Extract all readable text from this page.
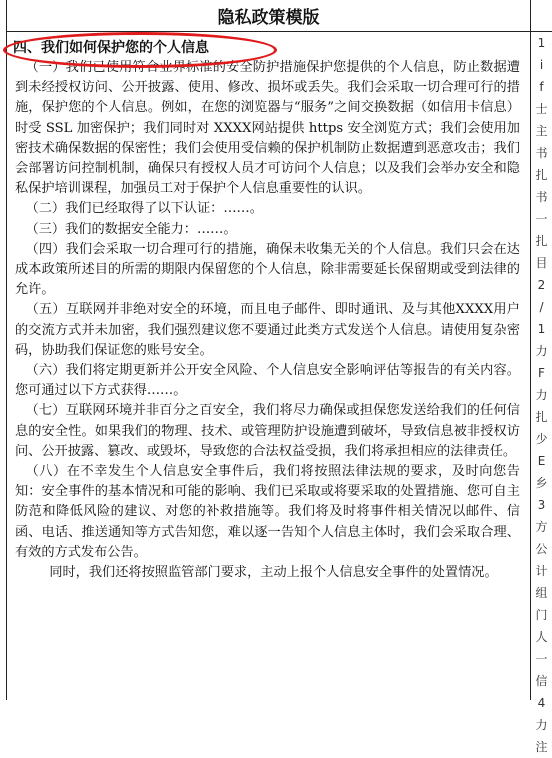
隐私政策模版
四、我们如何保护您的个人信息

（一）我们已使用符合业界标准的安全防护措施保护您提供的个人信息，防止数据遭到未经授权访问、公开披露、使用、修改、损坏或丢失。我们会采取一切合理可行的措施，保护您的个人信息。例如，在您的浏览器与“服务”之间交换数据（如信用卡信息）时受 SSL 加密保护；我们同时对 XXXX网站提供 https 安全浏览方式；我们会使用加密技术确保数据的保密性；我们会使用受信赖的保护机制防止数据遭到恶意攻击；我们会部署访问控制机制，确保只有授权人员才可访问个人信息；以及我们会举办安全和隐私保护培训课程，加强员工对于保护个人信息重要性的认识。

（二）我们已经取得了以下认证：……。

（三）我们的数据安全能力：……。

（四）我们会采取一切合理可行的措施，确保未收集无关的个人信息。我们只会在达成本政策所述目的所需的期限内保留您的个人信息，除非需要延长保留期或受到法律的允许。

（五）互联网并非绝对安全的环境，而且电子邮件、即时通讯、及与其他XXXX用户的交流方式并未加密，我们强烈建议您不要通过此类方式发送个人信息。请使用复杂密码，协助我们保证您的账号安全。

（六）我们将定期更新并公开安全风险、个人信息安全影响评估等报告的有关内容。您可通过以下方式获得……。

（七）互联网环境并非百分之百安全，我们将尽力确保或担保您发送给我们的任何信息的安全性。如果我们的物理、技术、或管理防护设施遭到破坏，导致信息被非授权访问、公开披露、篡改、或毁坏，导致您的合法权益受损，我们将承担相应的法律责任。

（八）在不幸发生个人信息安全事件后，我们将按照法律法规的要求，及时向您告知：安全事件的基本情况和可能的影响、我们已采取或将要采取的处置措施、您可自主防范和降低风险的建议、对您的补救措施等。我们将及时将事件相关情况以邮件、信函、电话、推送通知等方式告知您，难以逐一告知个人信息主体时，我们会采取合理、有效的方式发布公告。

同时，我们还将按照监管部门要求，主动上报个人信息安全事件的处置情况。

1
i
f
士
主
书
扎
书
一
扎
目
2
/
1
力
F
力
扎
少
E
乡
3
方
公
计
组
门
人
一
信
4
力
注
